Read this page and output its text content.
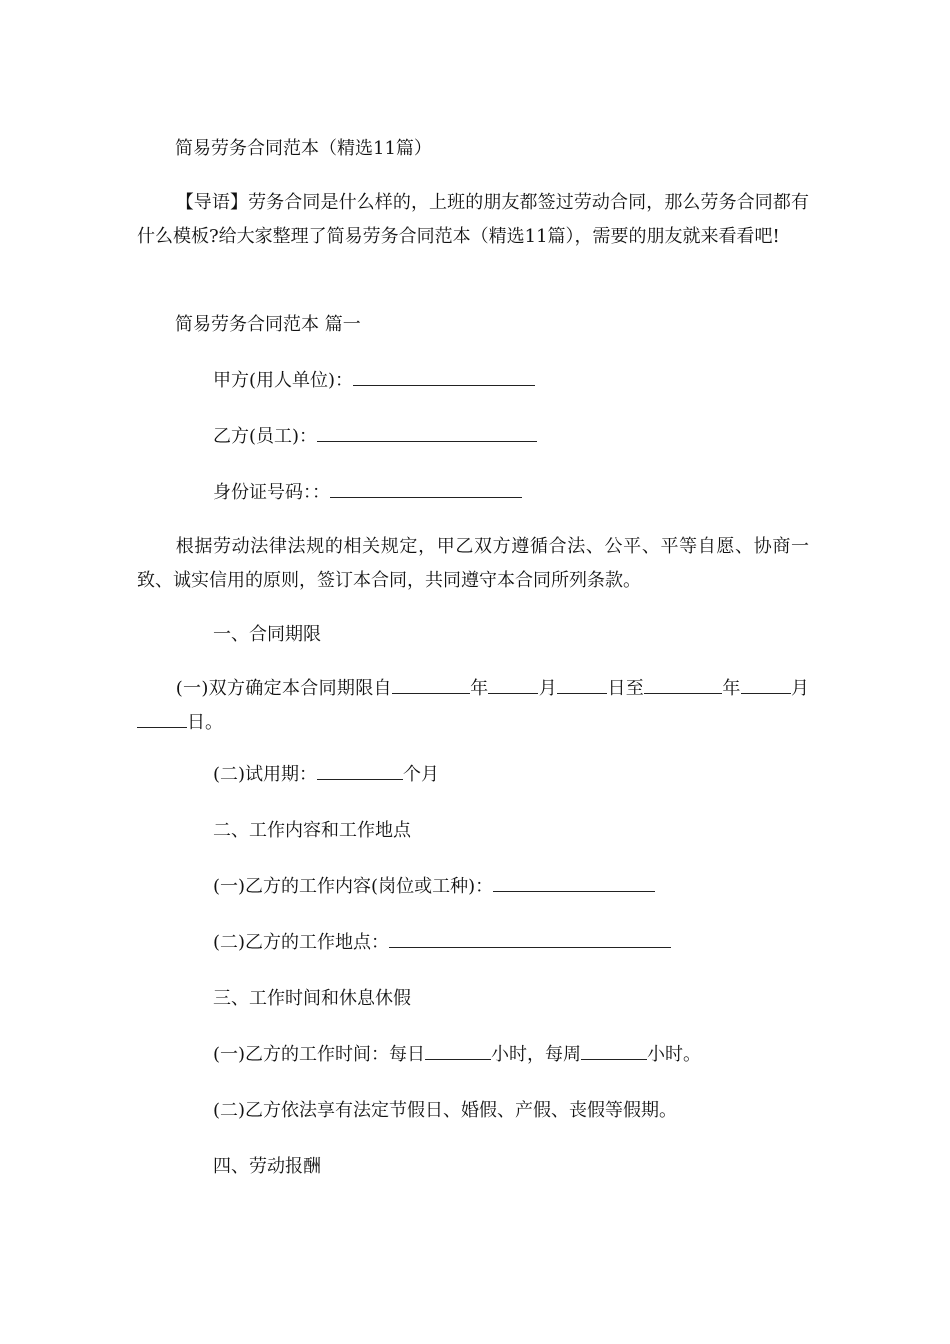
简易劳务合同范本（精选11篇）

【导语】劳务合同是什么样的，上班的朋友都签过劳动合同，那么劳务合同都有什么模板?给大家整理了简易劳务合同范本（精选11篇），需要的朋友就来看看吧!

简易劳务合同范本 篇一

甲方(用人单位)：

乙方(员工)：

身份证号码：：

根据劳动法律法规的相关规定，甲乙双方遵循合法、公平、平等自愿、协商一致、诚实信用的原则，签订本合同，共同遵守本合同所列条款。

一、合同期限

(一)双方确定本合同期限自	年	月	日至	年	月日。

(二)试用期：	个月

二、工作内容和工作地点

(一)乙方的工作内容(岗位或工种)：

(二)乙方的工作地点：

三、工作时间和休息休假

(一)乙方的工作时间：每日	小时，每周	小时。

(二)乙方依法享有法定节假日、婚假、产假、丧假等假期。

四、劳动报酬
